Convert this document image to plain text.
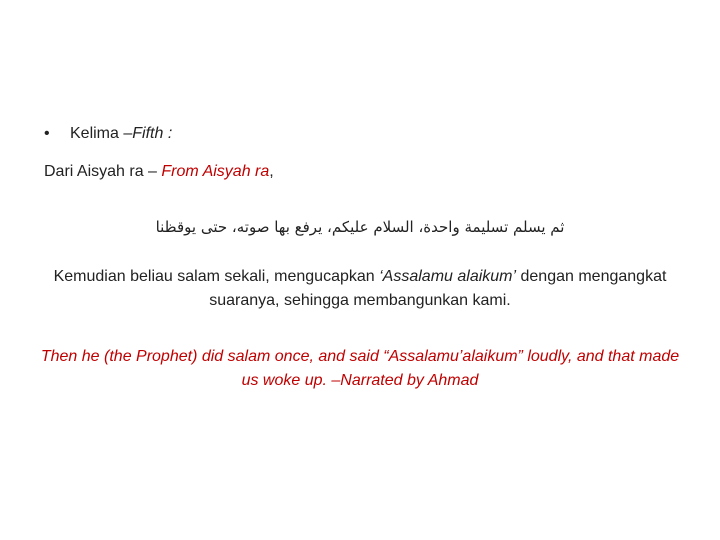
• Kelima –Fifth :
Dari Aisyah ra – From Aisyah ra,
ثم يسلم تسليمة واحدة، السلام عليكم، يرفع بها صوته، حتى يوقظنا
Kemudian beliau salam sekali, mengucapkan ‘Assalamu alaikum’ dengan mengangkat suaranya, sehingga membangunkan kami.
Then he (the Prophet) did salam once, and said “Assalamu’alaikum” loudly, and that made us woke up. –Narrated by Ahmad
